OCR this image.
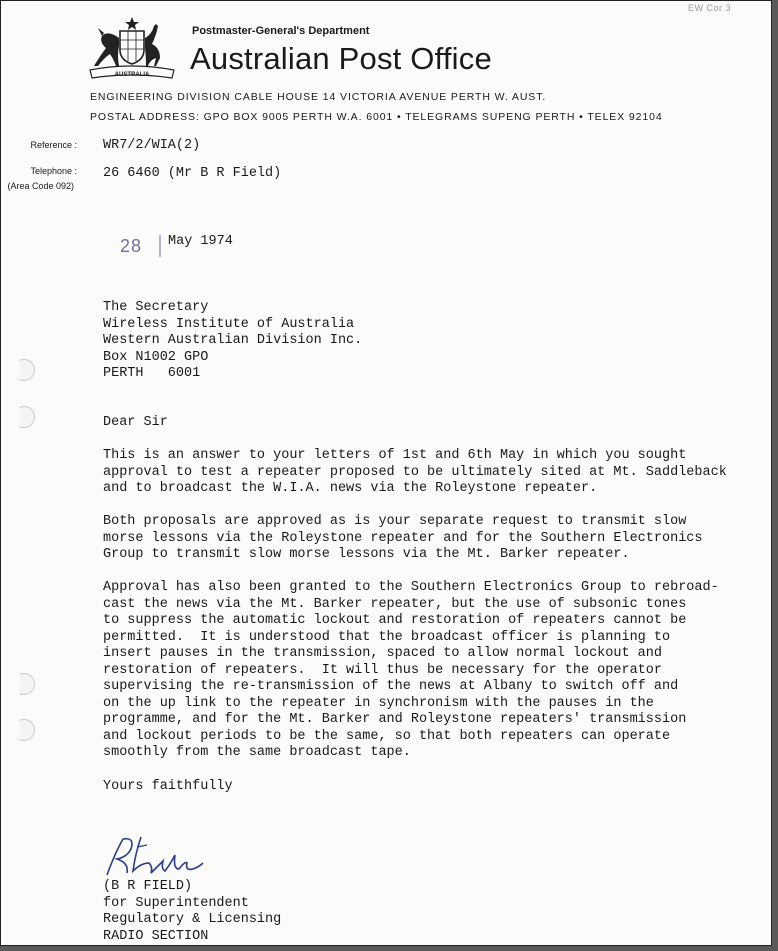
EW Cor 3
AUSTRALIA
Postmaster-General's Department
Australian Post Office
ENGINEERING DIVISION CABLE HOUSE 14 VICTORIA AVENUE PERTH W. AUST.
POSTAL ADDRESS: GPO BOX 9005 PERTH W.A. 6001 • TELEGRAMS SUPENG PERTH • TELEX 92104
Reference : WR7/2/WIA(2)
Telephone :
(Area Code 092)
26 6460 (Mr B R Field)
28 May 1974
The Secretary
Wireless Institute of Australia
Western Australian Division Inc.
Box N1002 GPO
PERTH   6001
Dear Sir
This is an answer to your letters of 1st and 6th May in which you sought
approval to test a repeater proposed to be ultimately sited at Mt. Saddleback
and to broadcast the W.I.A. news via the Roleystone repeater.
Both proposals are approved as is your separate request to transmit slow
morse lessons via the Roleystone repeater and for the Southern Electronics
Group to transmit slow morse lessons via the Mt. Barker repeater.
Approval has also been granted to the Southern Electronics Group to rebroad-
cast the news via the Mt. Barker repeater, but the use of subsonic tones
to suppress the automatic lockout and restoration of repeaters cannot be
permitted.  It is understood that the broadcast officer is planning to
insert pauses in the transmission, spaced to allow normal lockout and
restoration of repeaters.  It will thus be necessary for the operator
supervising the re-transmission of the news at Albany to switch off and
on the up link to the repeater in synchronism with the pauses in the
programme, and for the Mt. Barker and Roleystone repeaters' transmission
and lockout periods to be the same, so that both repeaters can operate
smoothly from the same broadcast tape.
Yours faithfully
(B R FIELD)
for Superintendent
Regulatory & Licensing
RADIO SECTION
